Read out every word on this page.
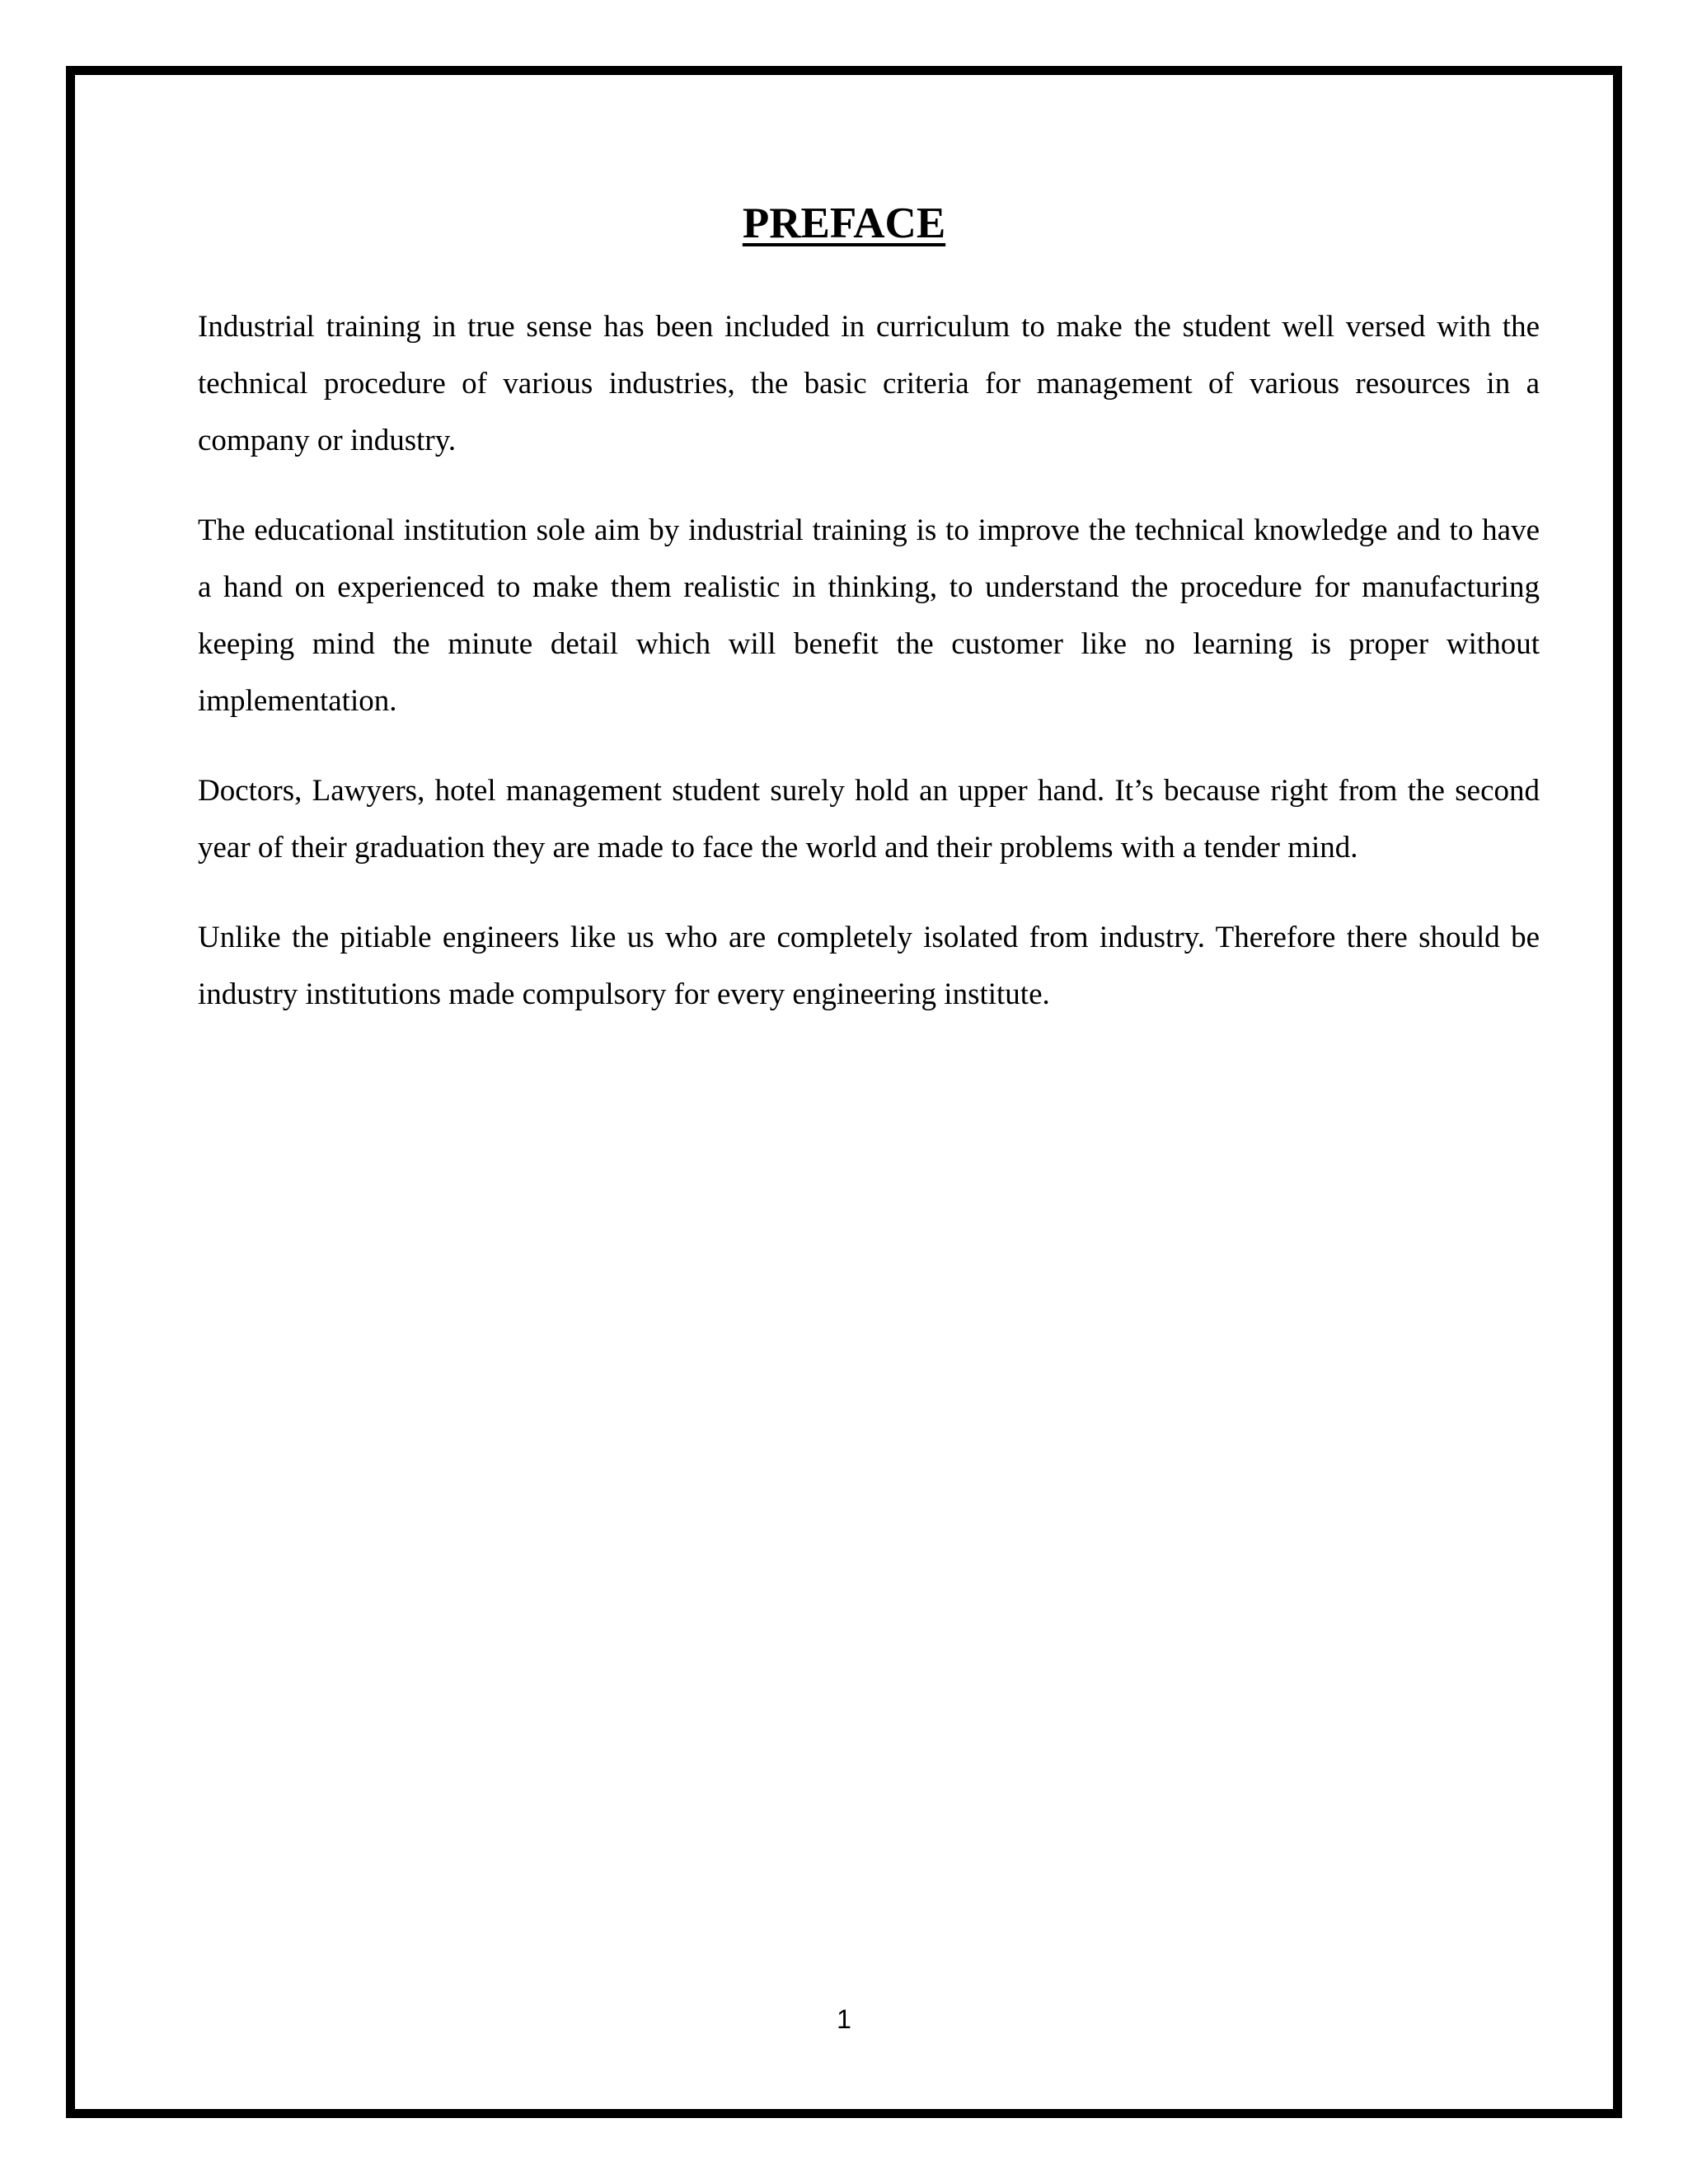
PREFACE

Industrial training in true sense has been included in curriculum to make the student well versed with the technical procedure of various industries, the basic criteria for management of various resources in a company or industry.

The educational institution sole aim by industrial training is to improve the technical knowledge and to have a hand on experienced to make them realistic in thinking, to understand the procedure for manufacturing keeping mind the minute detail which will benefit the customer like no learning is proper without implementation.

Doctors, Lawyers, hotel management student surely hold an upper hand. It’s because right from the second year of their graduation they are made to face the world and their problems with a tender mind.

Unlike the pitiable engineers like us who are completely isolated from industry. Therefore there should be industry institutions made compulsory for every engineering institute.

1
